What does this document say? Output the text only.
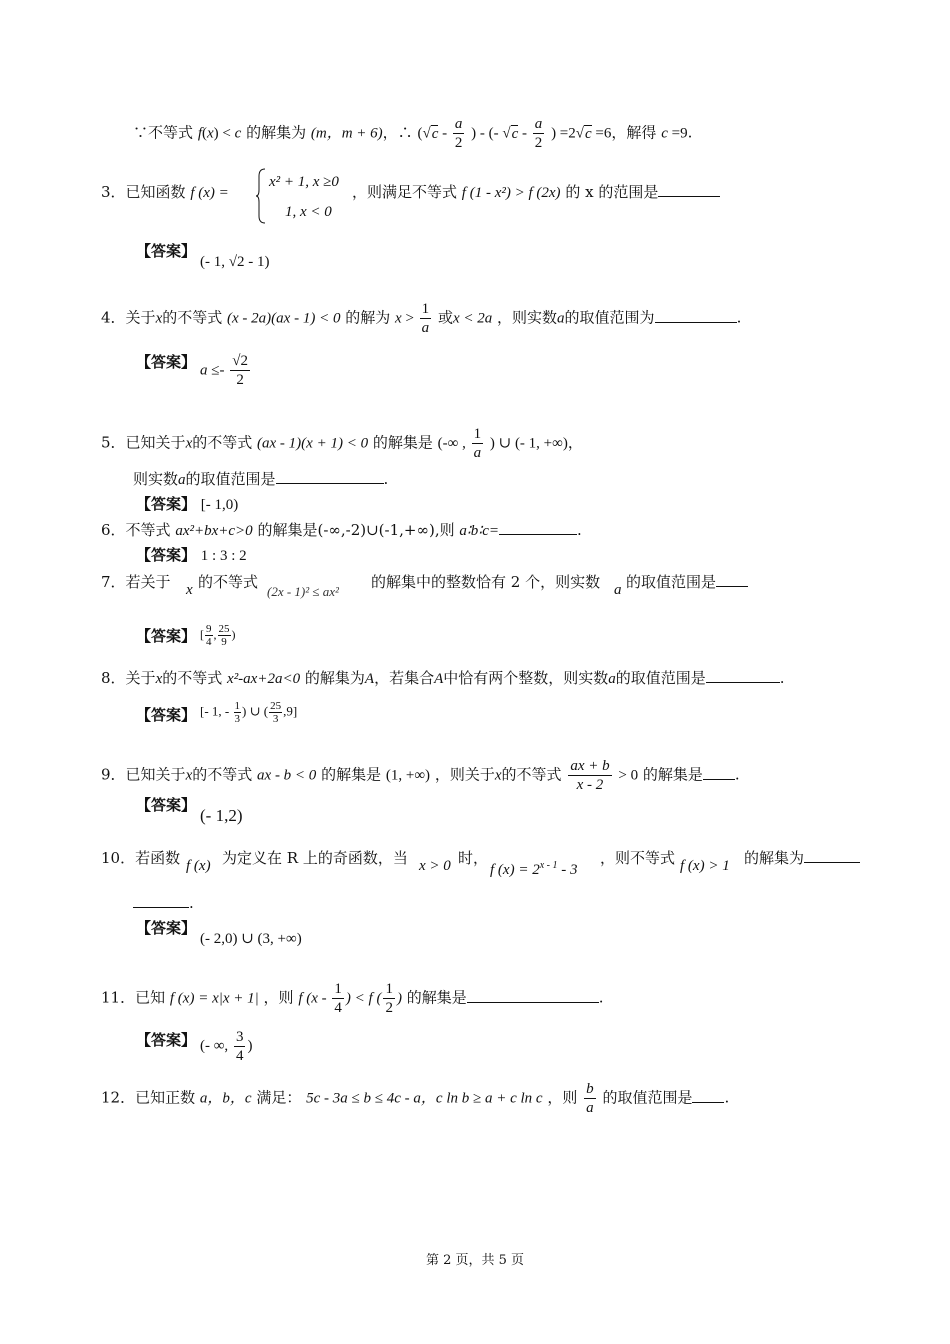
∵不等式 f(x) < c 的解集为 (m，m + 6)，∴ ($√c - \frac{a}{2}$ ) - (- $√c - \frac{a}{2}$ ) =2√c =6，解得 c =9.
3．已知函数 f (x) =
x² + 1, x ≥0
1, x < 0
，则满足不等式 f (1 - x²) > f (2x) 的 x 的范围是
【答案】
(- 1, √2 - 1)
4．关于x的不等式 (x - 2a)(ax - 1) < 0 的解为 $x > \frac{1}{a}$ 或x < 2a ，则实数a的取值范围为	.
【答案】 $a \le- \frac{√2}{2}$
5．已知关于x的不等式 (ax - 1)(x + 1) < 0 的解集是 (-∞ , $\frac{1}{a}$ ) ∪ (- 1, +∞)，
则实数a的取值范围是	.
【答案】 [- 1,0)
6．不等式 ax²+bx+c>0 的解集是(-∞,-2)∪(-1,+∞),则 a∶b∶c=	.
【答案】 1 : 3 : 2
7．若关于 x 的不等式
(2x - 1)² ≤ ax²
的解集中的整数恰有 2 个，则实数 a 的取值范围是
【答案】 [ $\frac{9}{4}$ , $\frac{25}{9}$ )
8．关于x的不等式 x²-ax+2a<0 的解集为A，若集合A中恰有两个整数，则实数a的取值范围是	.
【答案】 [- 1, - $\frac{1}{3}$ ) ∪ ( $\frac{25}{3} ,9$]
9．已知关于x的不等式 ax - b < 0 的解集是 (1, +∞) ，则关于x的不等式 $\frac{ax + b}{x - 2} > 0$ 的解集是 .
【答案】
(- 1,2)
10．若函数 f (x) 为定义在 R 上的奇函数，当 x > 0 时，
f $(x) = 2^{x - 1} - 3$
，则不等式 f (x) > 1 的解集为
.
【答案】
(- 2,0) ∪ (3, +∞)
11．已知 f (x) = x|x + 1| ，则 f ($x - \frac{1}{4}$ ) < f ( $\frac{1}{2}$ ) 的解集是	.
【答案】 (- ∞, $\frac{3}{4}$ )
12．已知正数 a，b，c 满足： 5c - 3a ≤ b ≤ 4c - a，c ln b ≥ a + c ln c ，则 $\frac{b}{a}$ 的取值范围是 .
第 2 页，共 5 页
